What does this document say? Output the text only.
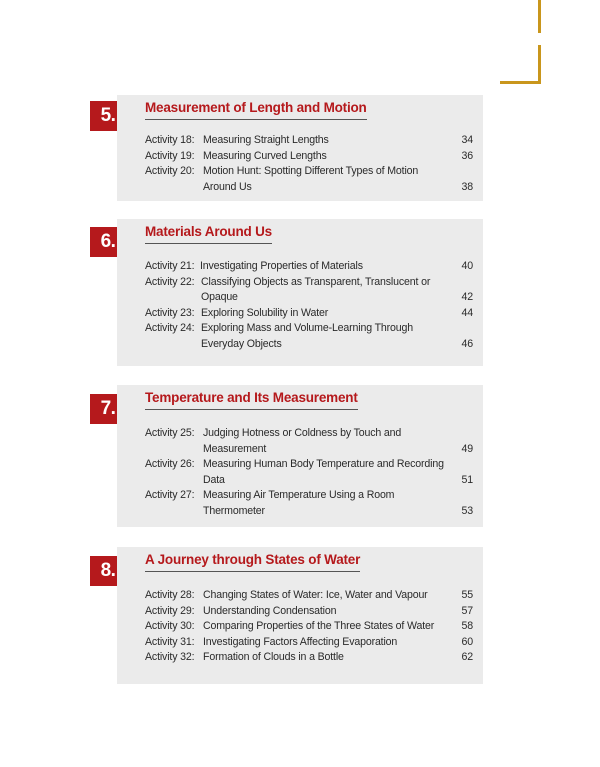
5.	Measurement of Length and Motion
Activity 18: Measuring Straight Lengths	34
Activity 19: Measuring Curved Lengths	36
Activity 20: Motion Hunt: Spotting Different Types of Motion Around Us	38
6.	Materials Around Us
Activity 21: Investigating Properties of Materials	40
Activity 22: Classifying Objects as Transparent, Translucent or Opaque	42
Activity 23: Exploring Solubility in Water	44
Activity 24: Exploring Mass and Volume-Learning Through Everyday Objects	46
7.
Temperature and Its Measurement
Activity 25: Judging Hotness or Coldness by Touch and Measurement	49
Activity 26: Measuring Human Body Temperature and Recording Data	51
Activity 27: Measuring Air Temperature Using a Room Thermometer	53
8.
A Journey through States of Water
Activity 28: Changing States of Water: Ice, Water and Vapour	55
Activity 29: Understanding Condensation	57
Activity 30: Comparing Properties of the Three States of Water	58
Activity 31: Investigating Factors Affecting Evaporation	60
Activity 32: Formation of Clouds in a Bottle	62
